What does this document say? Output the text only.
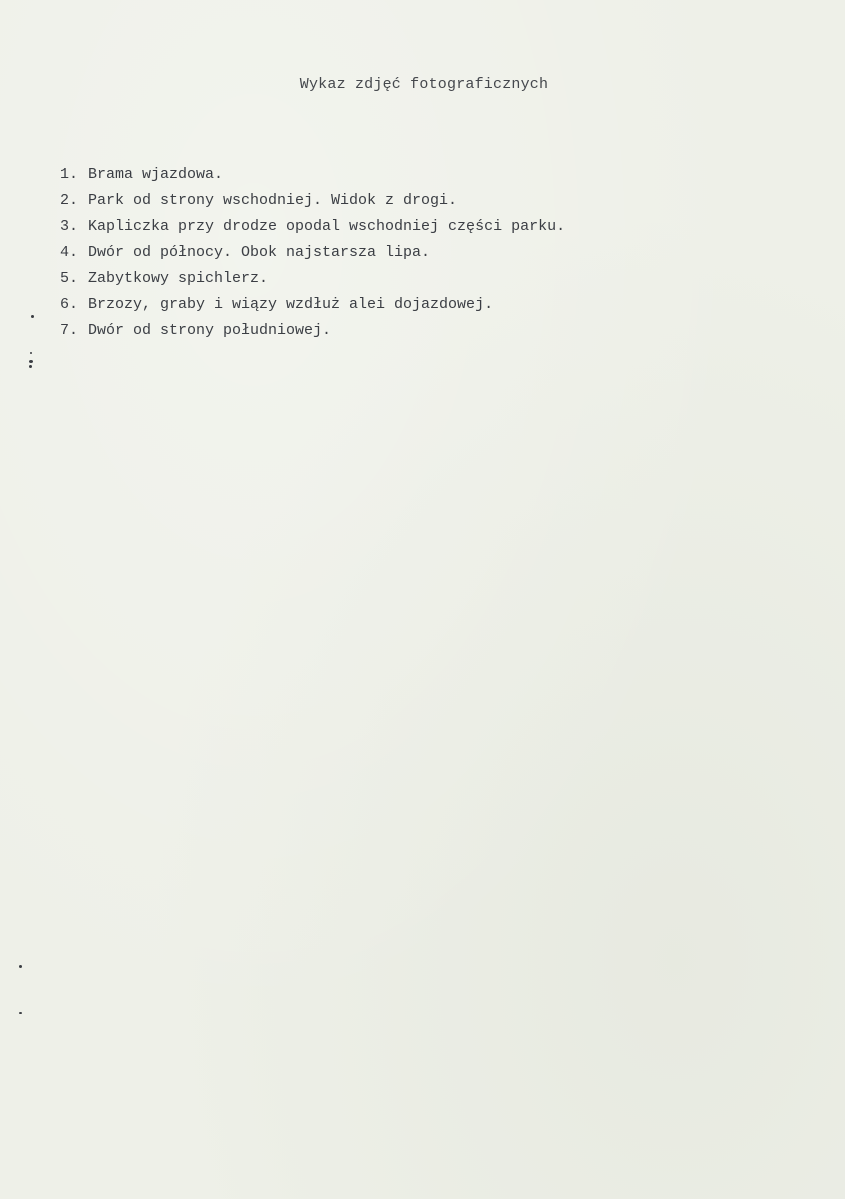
Wykaz zdjęć fotograficznych
1. Brama wjazdowa.
2. Park od strony wschodniej. Widok z drogi.
3. Kapliczka przy drodze opodal wschodniej części parku.
4. Dwór od północy. Obok najstarsza lipa.
5. Zabytkowy spichlerz.
6. Brzozy, graby i wiązy wzdłuż alei dojazdowej.
7. Dwór od strony południowej.
